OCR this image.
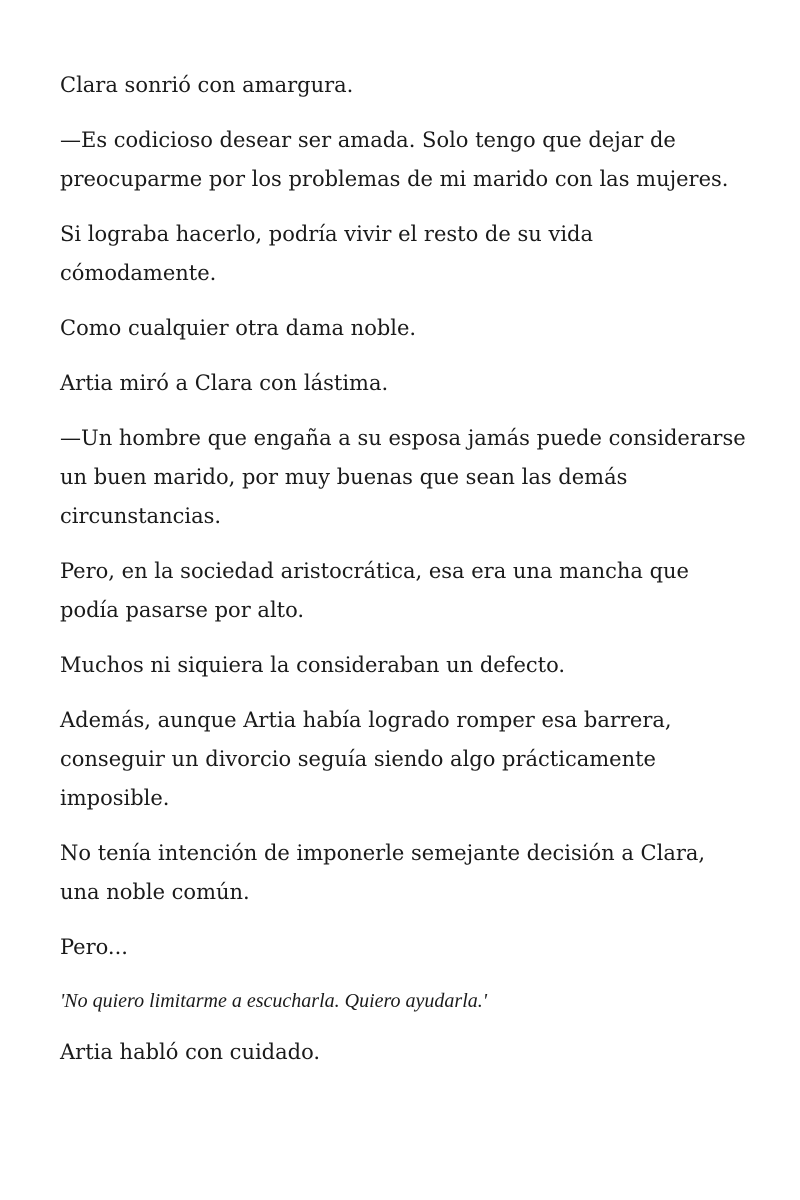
Clara sonrió con amargura.

—Es codicioso desear ser amada. Solo tengo que dejar de preocuparme por los problemas de mi marido con las mujeres.

Si lograba hacerlo, podría vivir el resto de su vida cómodamente.

Como cualquier otra dama noble.

Artia miró a Clara con lástima.

—Un hombre que engaña a su esposa jamás puede considerarse un buen marido, por muy buenas que sean las demás circunstancias.

Pero, en la sociedad aristocrática, esa era una mancha que podía pasarse por alto.

Muchos ni siquiera la consideraban un defecto.

Además, aunque Artia había logrado romper esa barrera, conseguir un divorcio seguía siendo algo prácticamente imposible.

No tenía intención de imponerle semejante decisión a Clara, una noble común.

Pero...

'No quiero limitarme a escucharla. Quiero ayudarla.'

Artia habló con cuidado.
